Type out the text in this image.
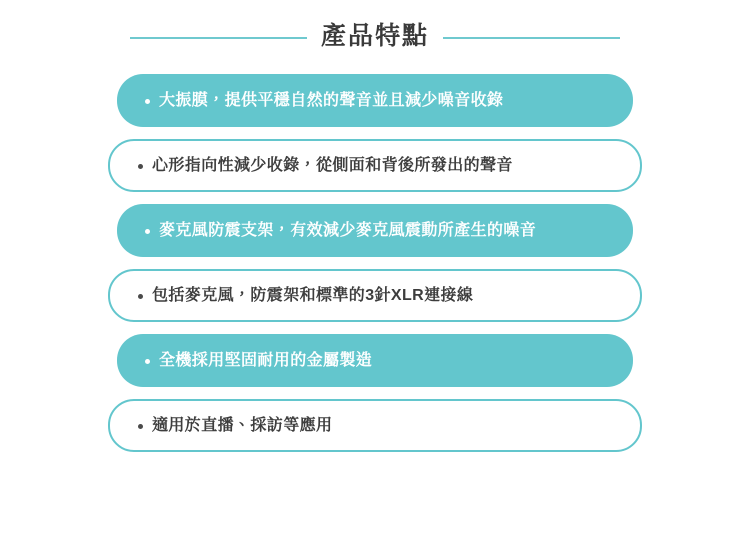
產品特點
大振膜，提供平穩自然的聲音並且減少噪音收錄
心形指向性減少收錄，從側面和背後所發出的聲音
麥克風防震支架，有效減少麥克風震動所產生的噪音
包括麥克風，防震架和標準的3針XLR連接線
全機採用堅固耐用的金屬製造
適用於直播、採訪等應用
